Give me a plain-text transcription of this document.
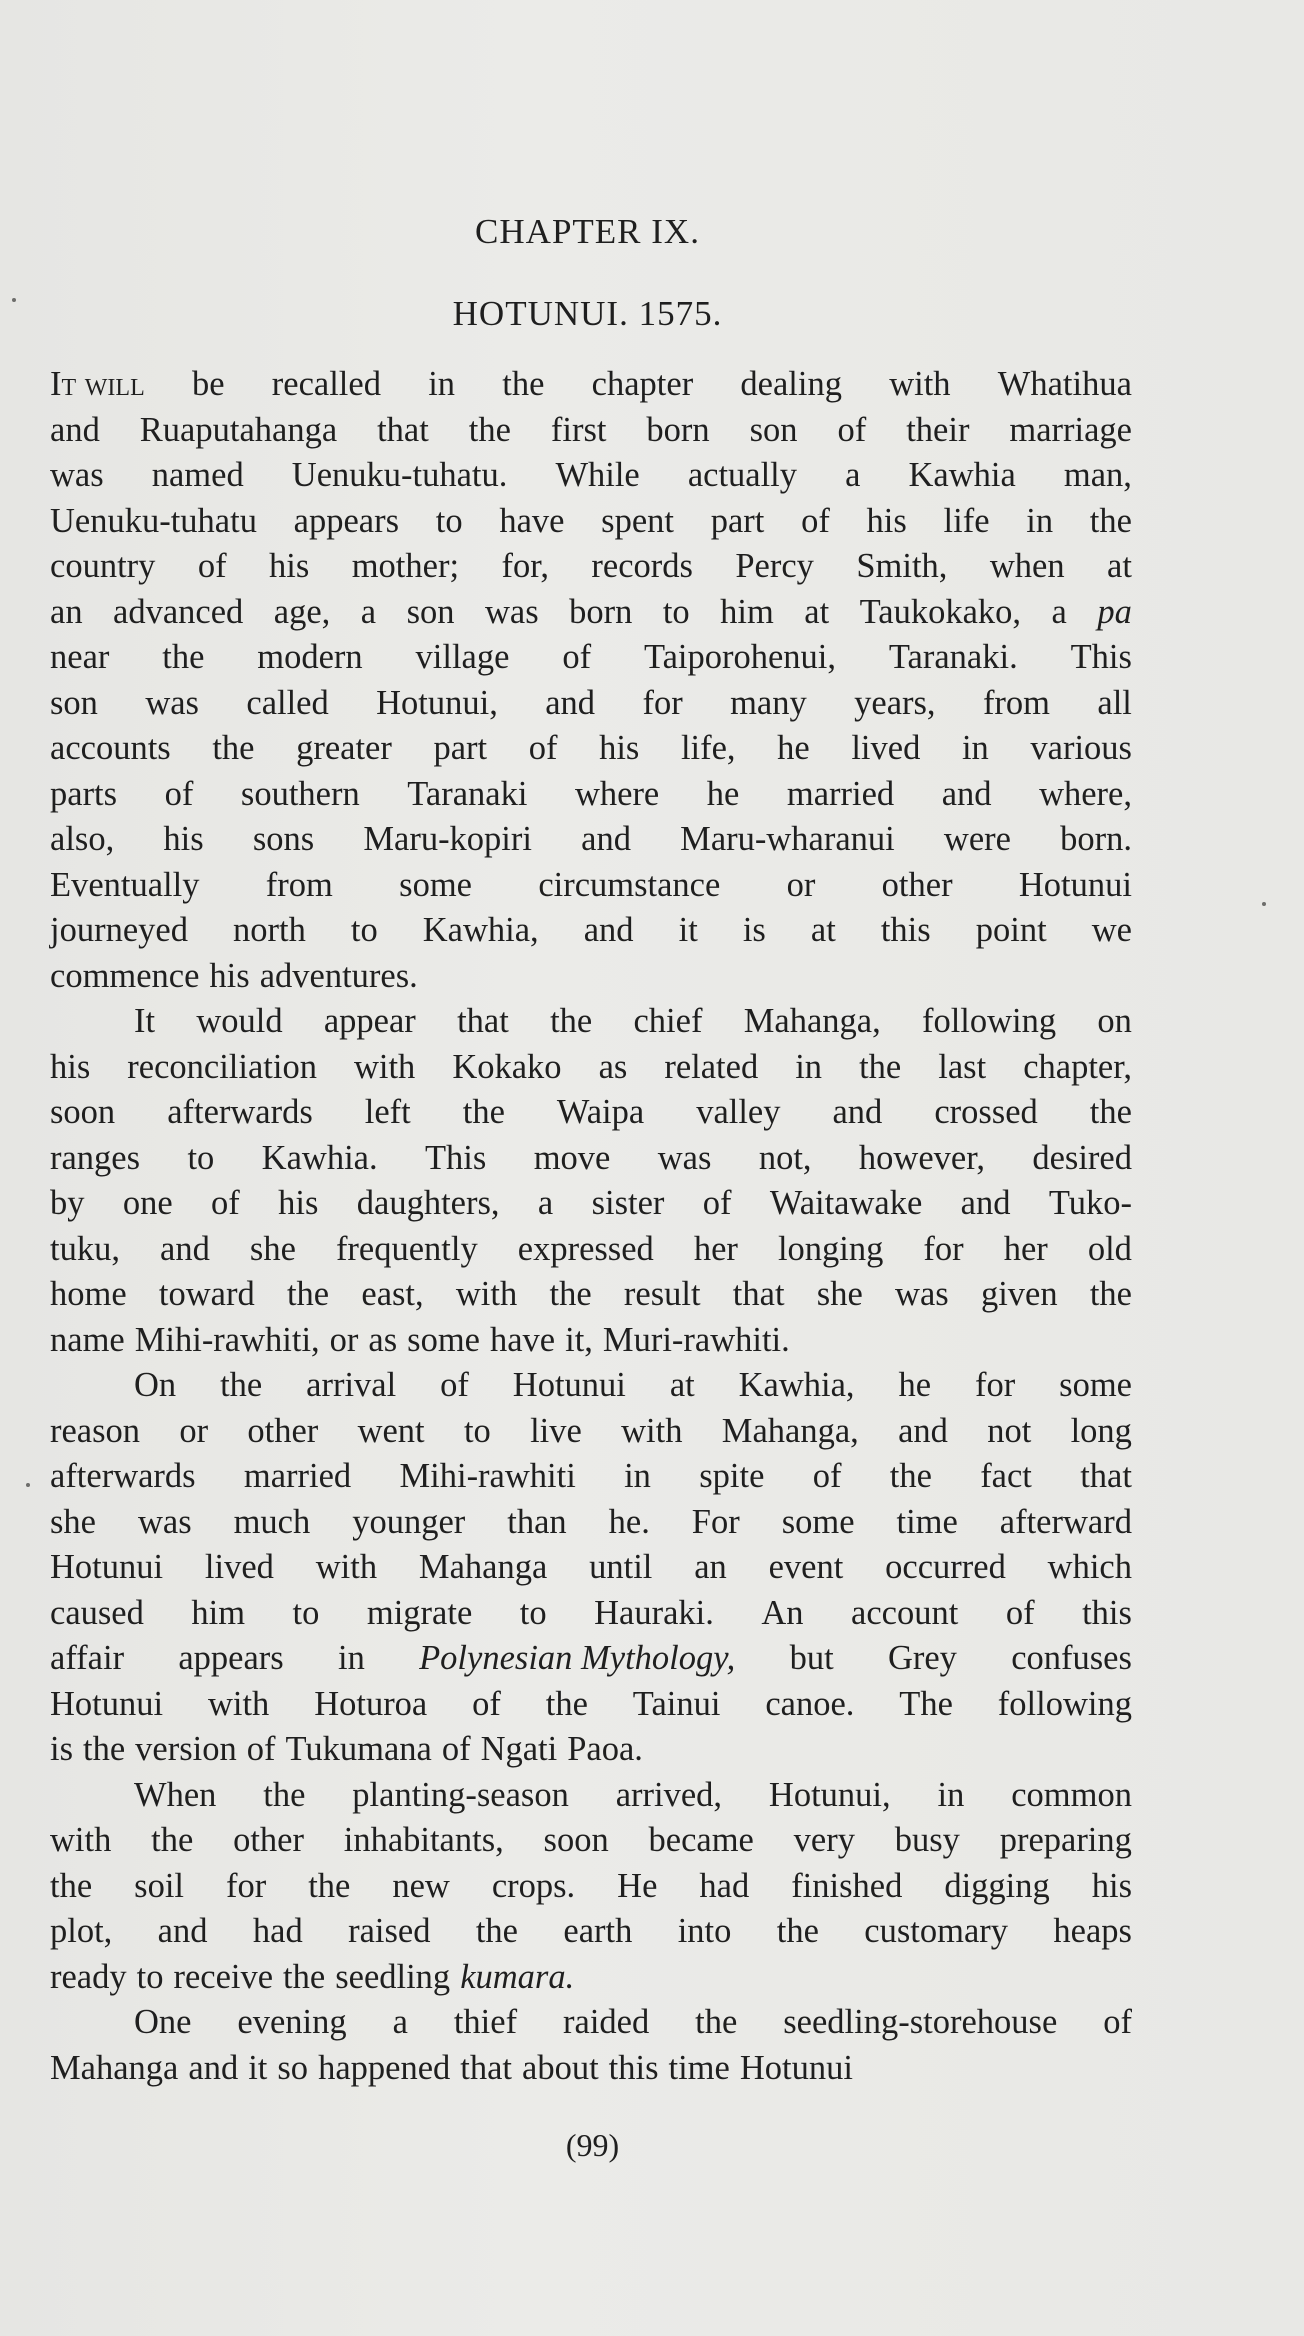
CHAPTER IX.
HOTUNUI. 1575.
It will be recalled in the chapter dealing with Whatihua
and Ruaputahanga that the first born son of their marriage
was named Uenuku-tuhatu. While actually a Kawhia man,
Uenuku-tuhatu appears to have spent part of his life in the
country of his mother; for, records Percy Smith, when at
an advanced age, a son was born to him at Taukokako, a pa
near the modern village of Taiporohenui, Taranaki. This
son was called Hotunui, and for many years, from all
accounts the greater part of his life, he lived in various
parts of southern Taranaki where he married and where,
also, his sons Maru-kopiri and Maru-wharanui were born.
Eventually from some circumstance or other Hotunui
journeyed north to Kawhia, and it is at this point we
commence his adventures.
It would appear that the chief Mahanga, following on
his reconciliation with Kokako as related in the last chapter,
soon afterwards left the Waipa valley and crossed the
ranges to Kawhia. This move was not, however, desired
by one of his daughters, a sister of Waitawake and Tuko-
tuku, and she frequently expressed her longing for her old
home toward the east, with the result that she was given the
name Mihi-rawhiti, or as some have it, Muri-rawhiti.
On the arrival of Hotunui at Kawhia, he for some
reason or other went to live with Mahanga, and not long
afterwards married Mihi-rawhiti in spite of the fact that
she was much younger than he. For some time afterward
Hotunui lived with Mahanga until an event occurred which
caused him to migrate to Hauraki. An account of this
affair appears in Polynesian Mythology, but Grey confuses
Hotunui with Hoturoa of the Tainui canoe. The following
is the version of Tukumana of Ngati Paoa.
When the planting-season arrived, Hotunui, in common
with the other inhabitants, soon became very busy preparing
the soil for the new crops. He had finished digging his
plot, and had raised the earth into the customary heaps
ready to receive the seedling kumara.
One evening a thief raided the seedling-storehouse of
Mahanga and it so happened that about this time Hotunui
(99)
